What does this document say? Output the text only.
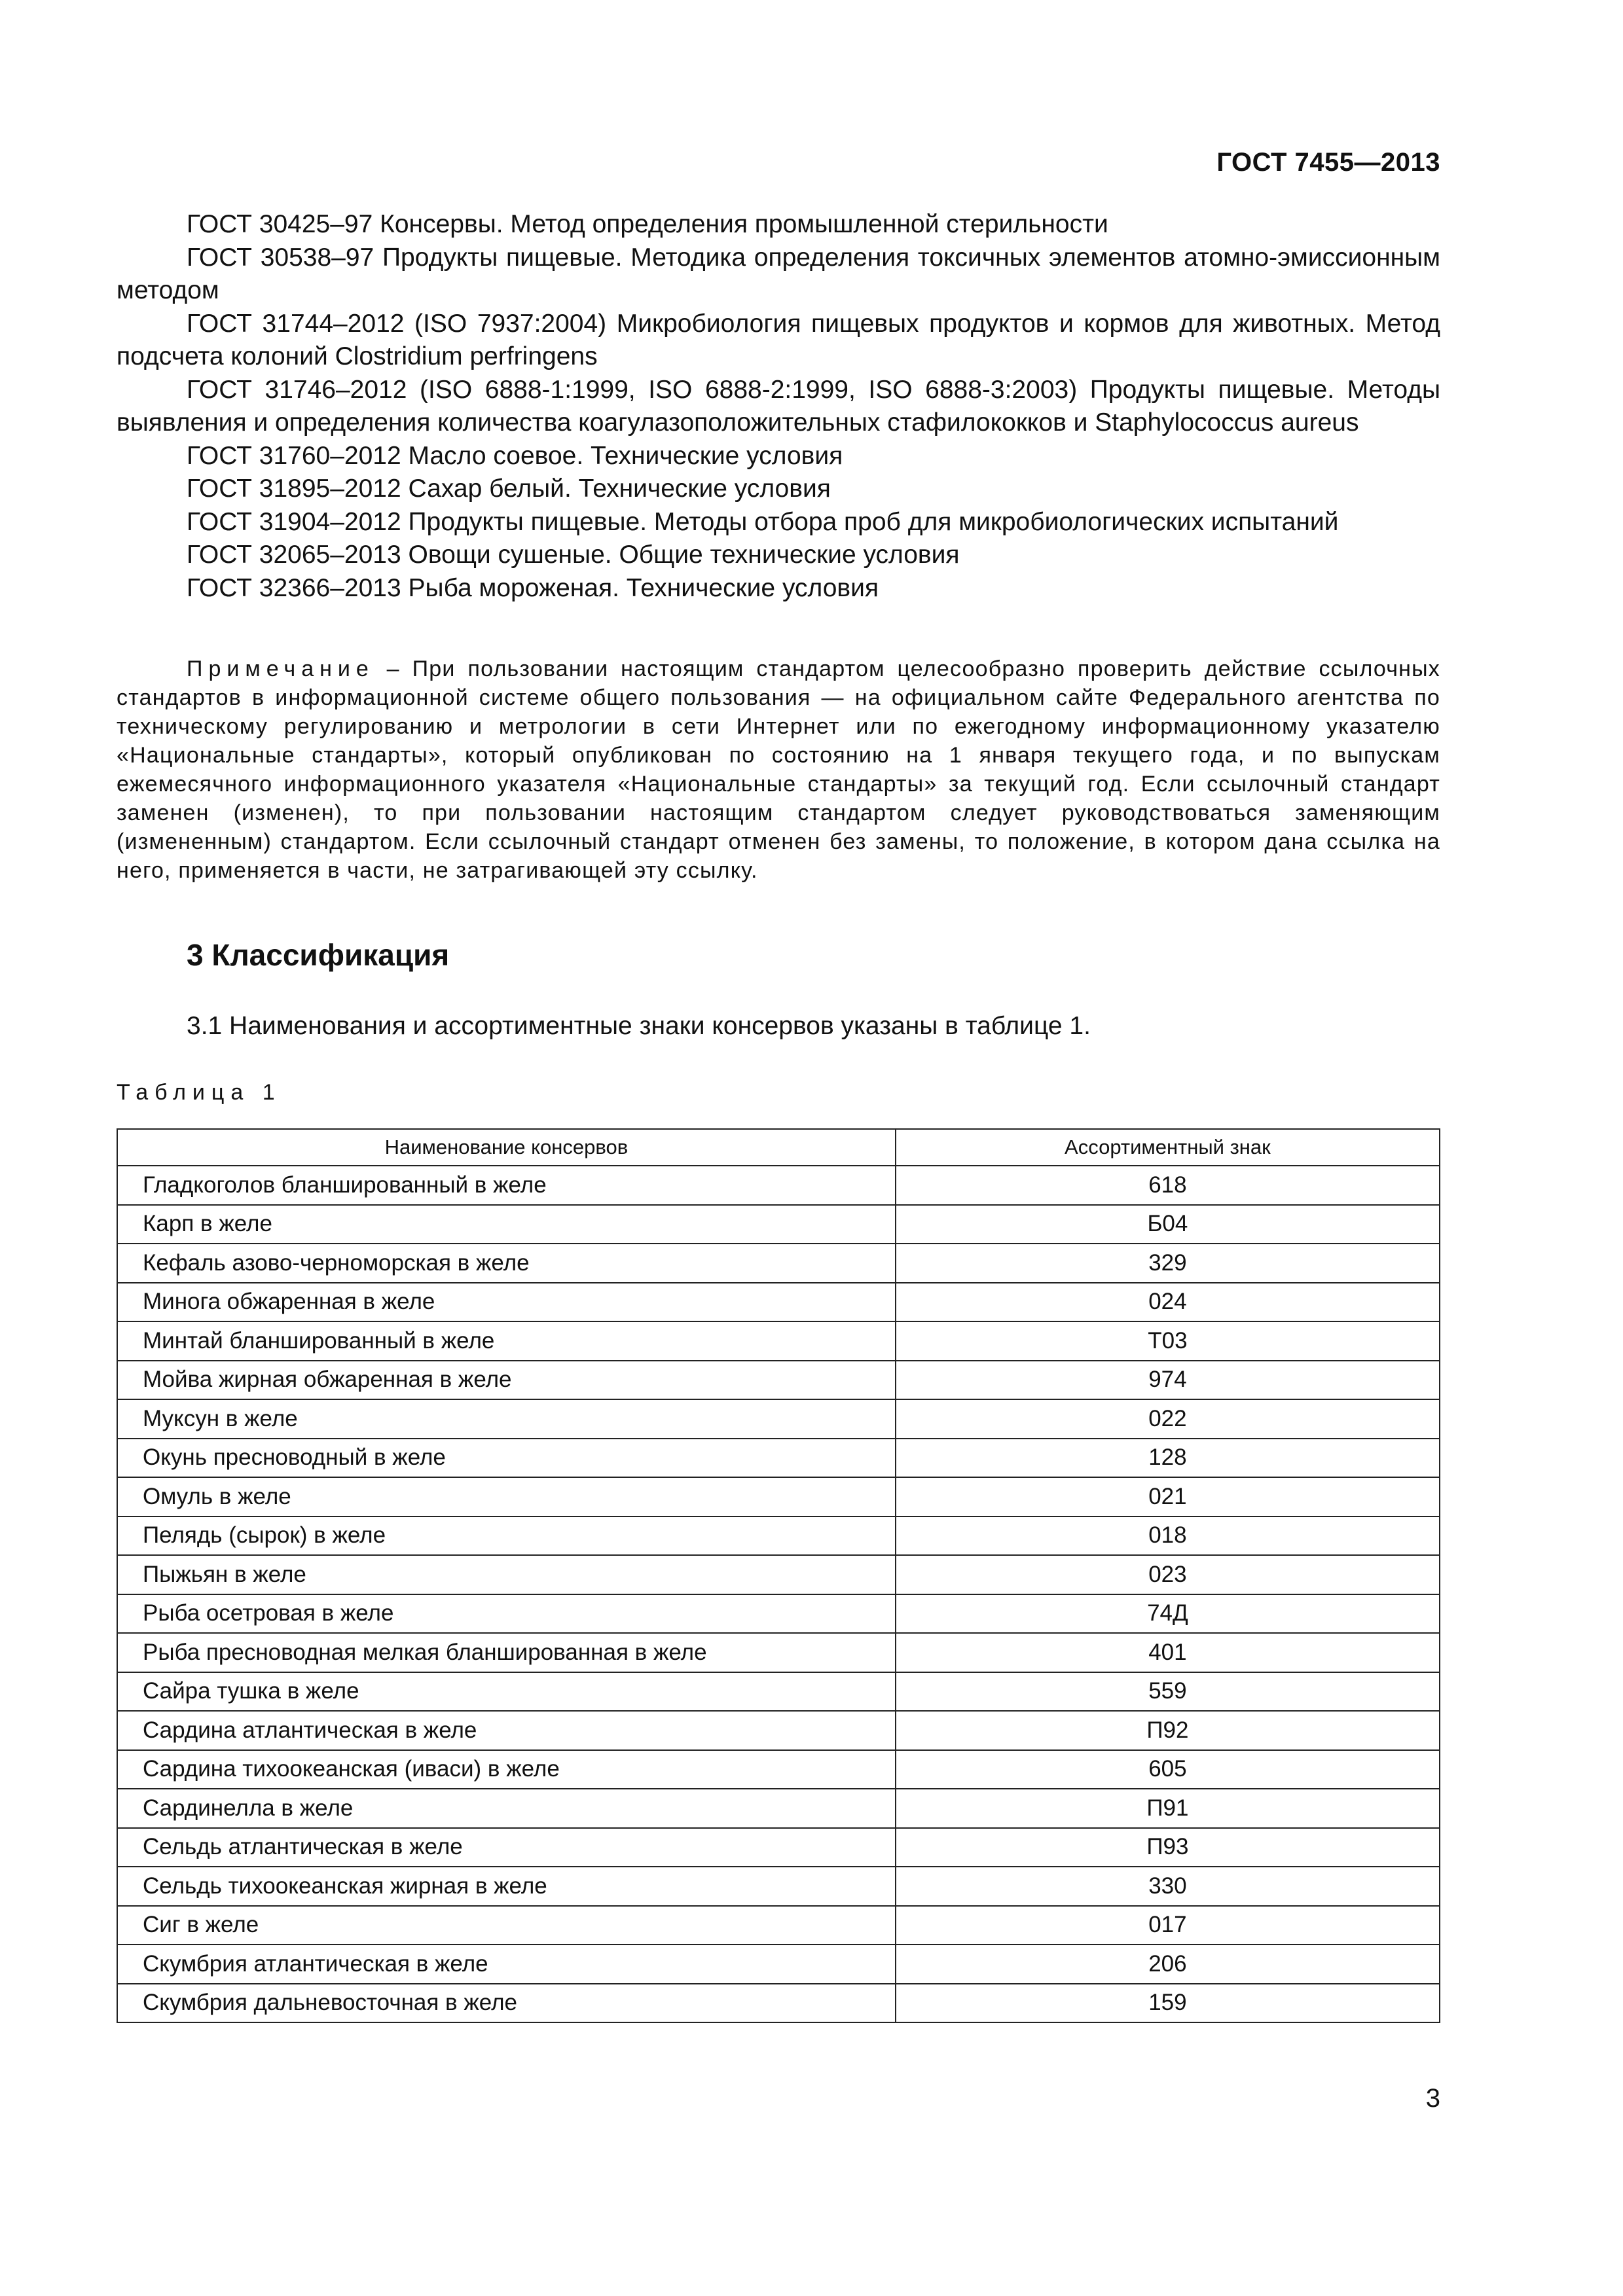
ГОСТ 7455—2013
ГОСТ 30425–97 Консервы. Метод определения промышленной стерильности
ГОСТ 30538–97 Продукты пищевые. Методика определения токсичных элементов атомно-эмиссионным методом
ГОСТ 31744–2012 (ISO 7937:2004) Микробиология пищевых продуктов и кормов для животных. Метод подсчета колоний Clostridium perfringens
ГОСТ 31746–2012 (ISO 6888-1:1999, ISO 6888-2:1999, ISO 6888-3:2003) Продукты пищевые. Методы выявления и определения количества коагулазоположительных стафилококков и Staphylococcus aureus
ГОСТ 31760–2012 Масло соевое. Технические условия
ГОСТ 31895–2012 Сахар белый. Технические условия
ГОСТ 31904–2012 Продукты пищевые. Методы отбора проб для микробиологических испытаний
ГОСТ 32065–2013 Овощи сушеные. Общие технические условия
ГОСТ 32366–2013 Рыба мороженая. Технические условия
Примечание – При пользовании настоящим стандартом целесообразно проверить действие ссылочных стандартов в информационной системе общего пользования — на официальном сайте Федерального агентства по техническому регулированию и метрологии в сети Интернет или по ежегодному информационному указателю «Национальные стандарты», который опубликован по состоянию на 1 января текущего года, и по выпускам ежемесячного информационного указателя «Национальные стандарты» за текущий год. Если ссылочный стандарт заменен (изменен), то при пользовании настоящим стандартом следует руководствоваться заменяющим (измененным) стандартом. Если ссылочный стандарт отменен без замены, то положение, в котором дана ссылка на него, применяется в части, не затрагивающей эту ссылку.
3 Классификация
3.1 Наименования и ассортиментные знаки консервов указаны в таблице 1.
Таблица 1
Наименование консервов	Ассортиментный знак
Гладкоголов бланшированный в желе	618
Карп в желе	Б04
Кефаль азово-черноморская в желе	329
Минога обжаренная в желе	024
Минтай бланшированный в желе	Т03
Мойва жирная обжаренная в желе	974
Муксун в желе	022
Окунь пресноводный в желе	128
Омуль в желе	021
Пелядь (сырок) в желе	018
Пыжьян в желе	023
Рыба осетровая в желе	74Д
Рыба пресноводная мелкая бланшированная в желе	401
Сайра тушка в желе	559
Сардина атлантическая в желе	П92
Сардина тихоокеанская (иваси) в желе	605
Сардинелла в желе	П91
Сельдь атлантическая в желе	П93
Сельдь тихоокеанская жирная в желе	330
Сиг в желе	017
Скумбрия атлантическая в желе	206
Скумбрия дальневосточная в желе	159
3
